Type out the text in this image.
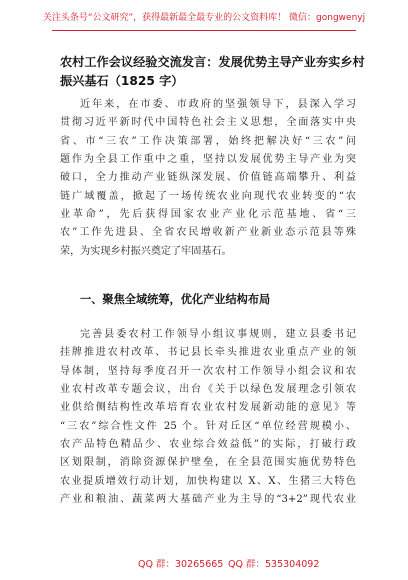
关注头条号“公文研究”，获得最新最全最专业的公文资料库！ 微信：gongwenyj
农村工作会议经验交流发言：发展优势主导产业夯实乡村
振兴基石（1825 字）
近年来，在市委、市政府的坚强领导下，县深入学习
贯彻习近平新时代中国特色社会主义思想，全面落实中央
省、市“三农”工作决策部署，始终把解决好“三农”问
题作为全县工作重中之重，坚持以发展优势主导产业为突
破口，全力推动产业链纵深发展、价值链高端攀升、利益
链广域覆盖，掀起了一场传统农业向现代农业转变的“农
业革命”，先后获得国家农业产业化示范基地、省“三
农”工作先进县、全省农民增收新产业新业态示范县等殊
荣，为实现乡村振兴奠定了牢固基石。
一、聚焦全域统筹，优化产业结构布局
完善县委农村工作领导小组议事规则，建立县委书记
挂牌推进农村改革、书记县长牵头推进农业重点产业的领
导体制，坚持每季度召开一次农村工作领导小组会议和农
业农村改革专题会议，出台《关于以绿色发展理念引领农
业供给侧结构性改革培育农业农村发展新动能的意见》等
“三农”综合性文件 25 个。针对丘区“单位经营规模小、
农产品特色精品少、农业综合效益低”的实际，打破行政
区划限制，消除资源保护壁垒，在全县范围实施优势特色
农业提质增效行动计划，加快构建以 X、X、生猪三大特色
产业和粮油、蔬菜两大基础产业为主导的“3+2”现代农业
QQ 群：30265665 QQ 群：535304092
